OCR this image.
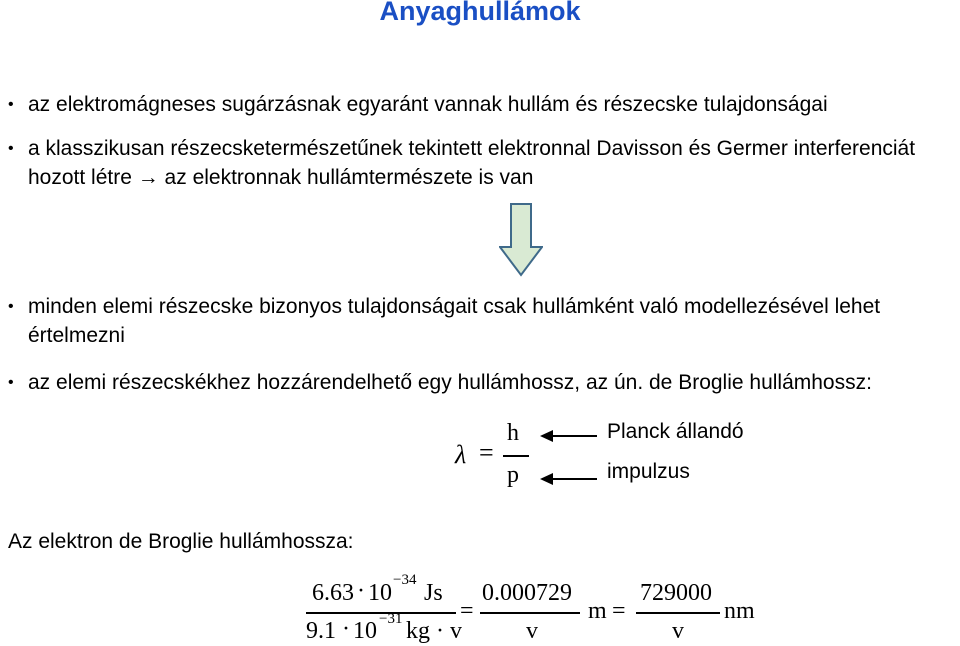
Anyaghullámok
• az elektromágneses sugárzásnak egyaránt vannak hullám és részecske tulajdonságai
• a klasszikusan részecsketermészetűnek tekintett elektronnal Davisson és Germer interferenciát hozott létre → az elektronnak hullámtermészete is van
• minden elemi részecske bizonyos tulajdonságait csak hullámként való modellezésével lehet értelmezni
• az elemi részecskékhez hozzárendelhető egy hullámhossz, az ún. de Broglie hullámhossz:
λ =
h
p
Planck állandó
impulzus
Az elektron de Broglie hullámhossza:
6.63 · 10 −34 Js
9.1 · 10 −31 kg · v
=
0.000729
v
m =
729000
v
nm
